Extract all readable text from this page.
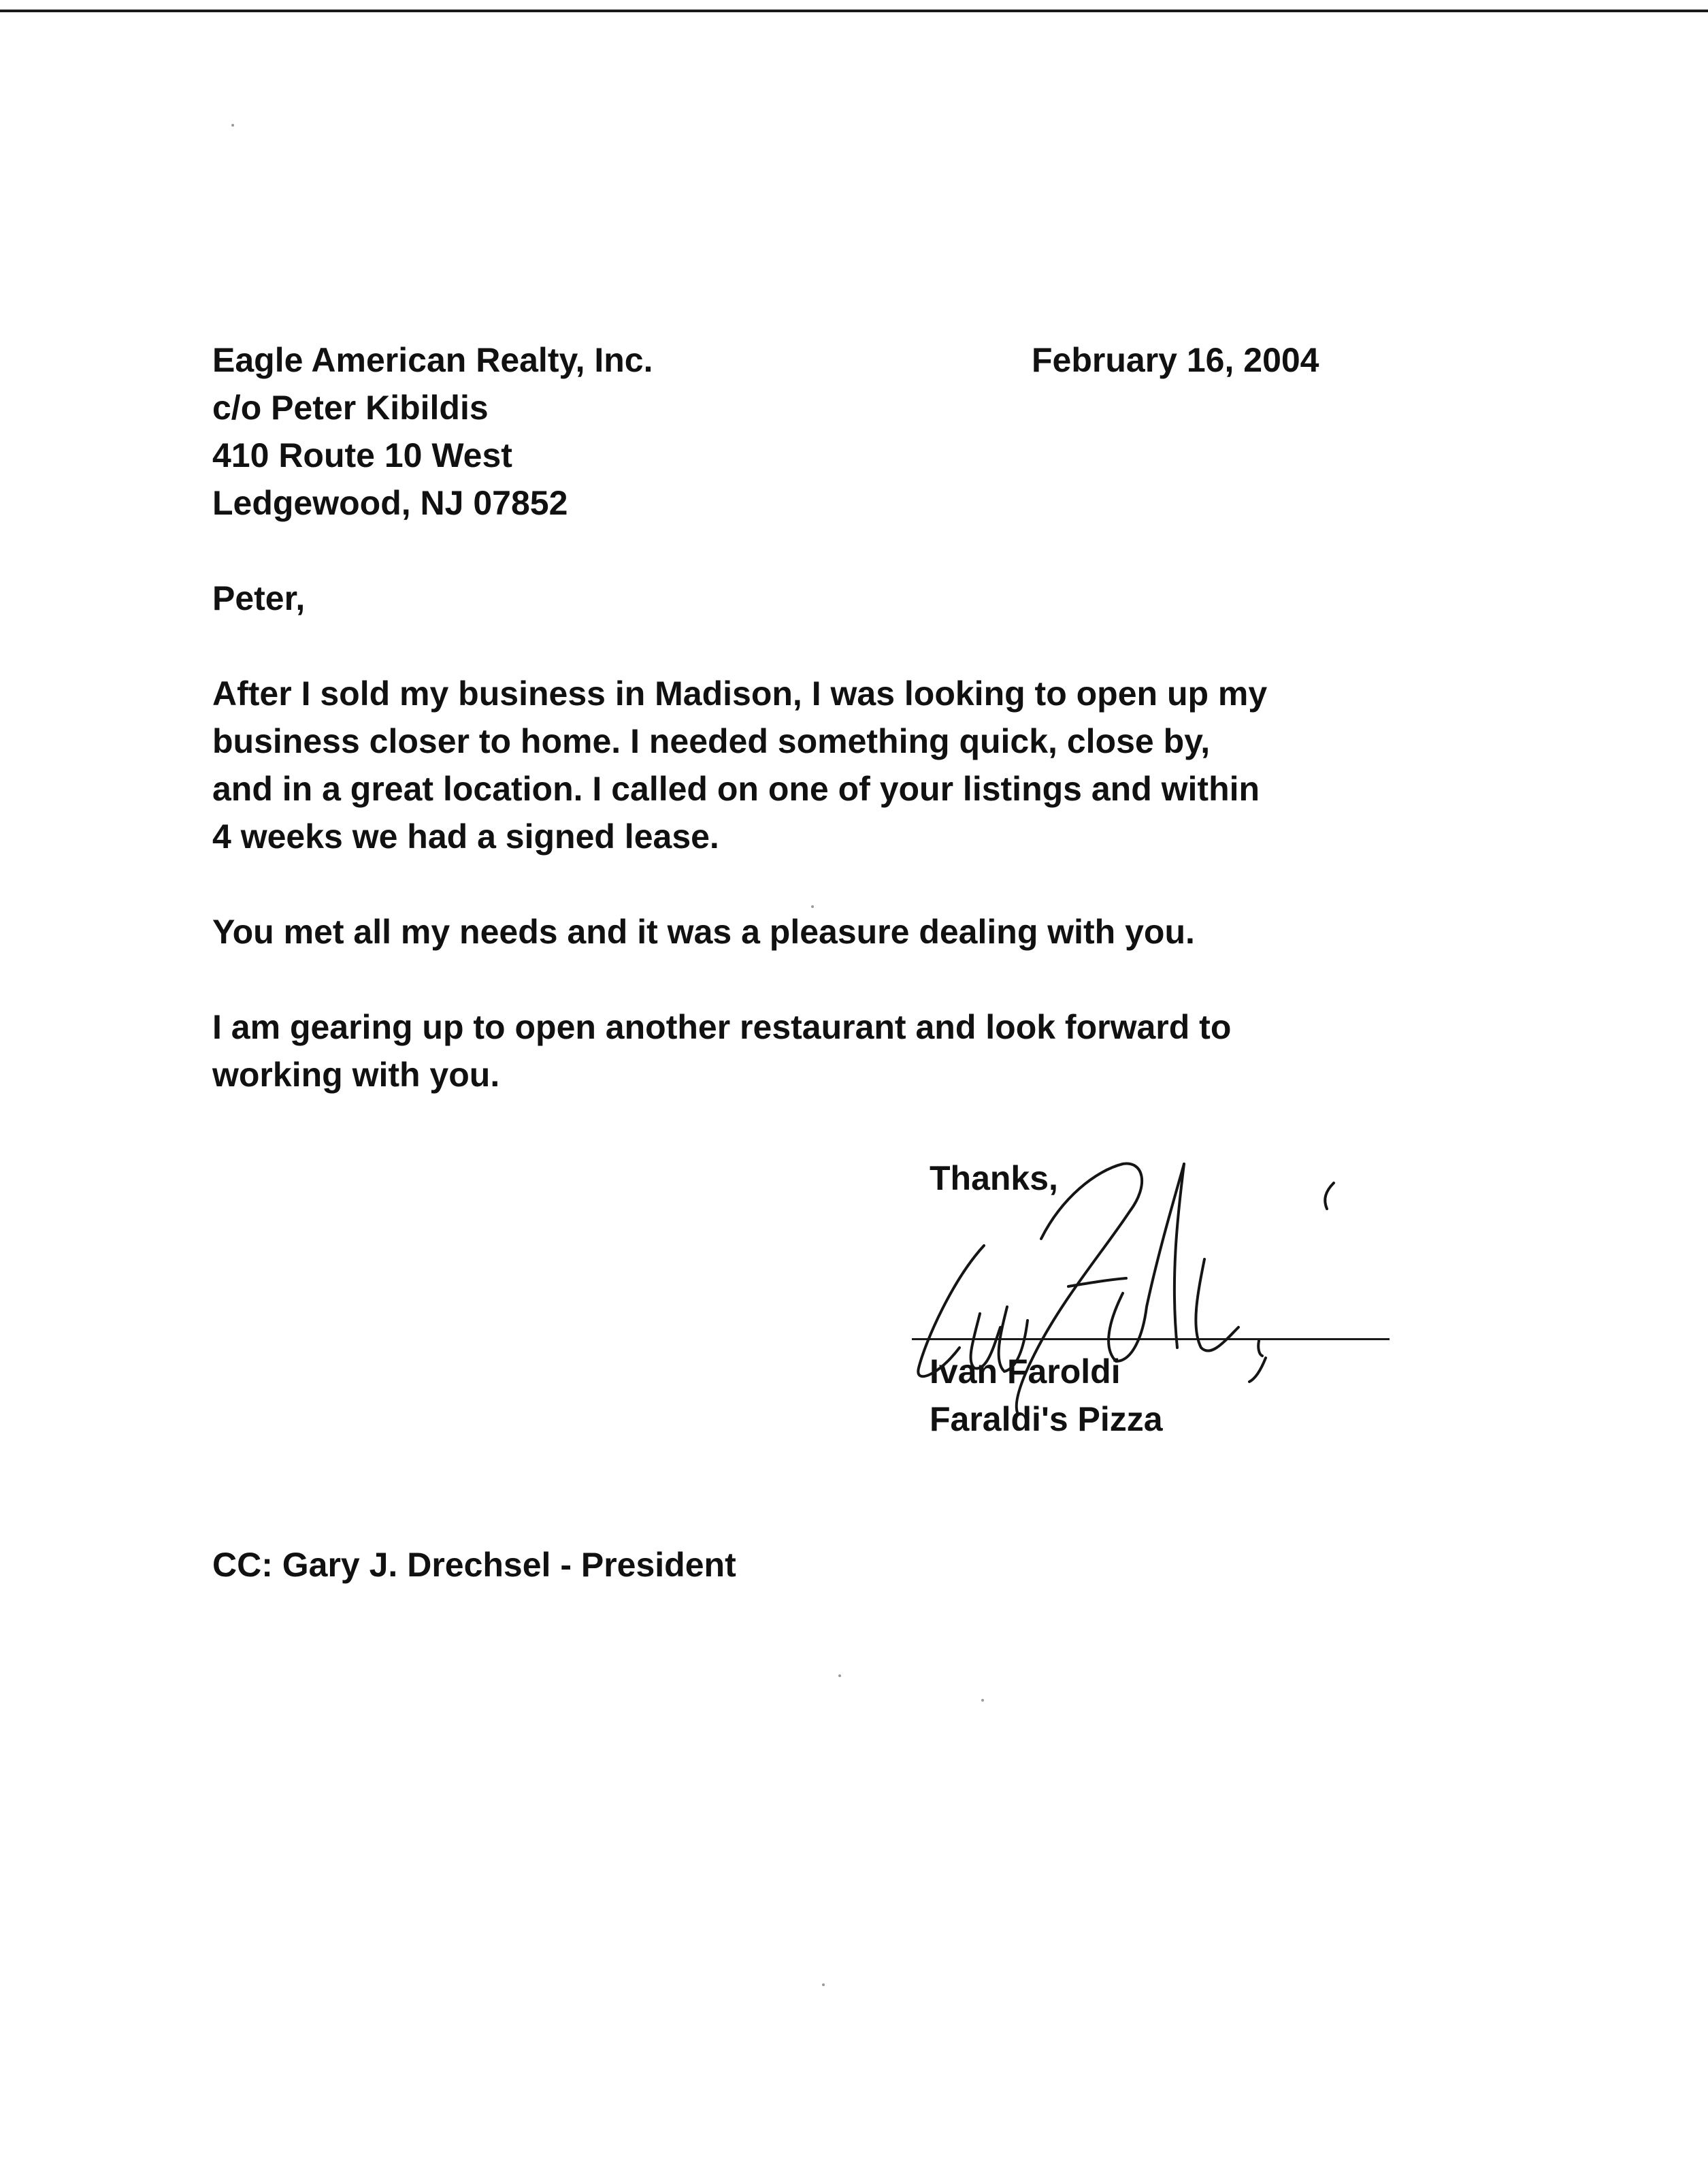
Eagle American Realty, Inc.

c/o Peter Kibildis

410 Route 10 West

Ledgewood, NJ 07852

February 16, 2004

Peter,

After I sold my business in Madison, I was looking to open up my
business closer to home. I needed something quick, close by,
and in a great location. I called on one of your listings and within
4 weeks we had a signed lease.
You met all my needs and it was a pleasure dealing with you.
I am gearing up to open another restaurant and look forward to
working with you.
Thanks,
Ivan Faroldi
Faraldi's Pizza

CC: Gary J. Drechsel - President
